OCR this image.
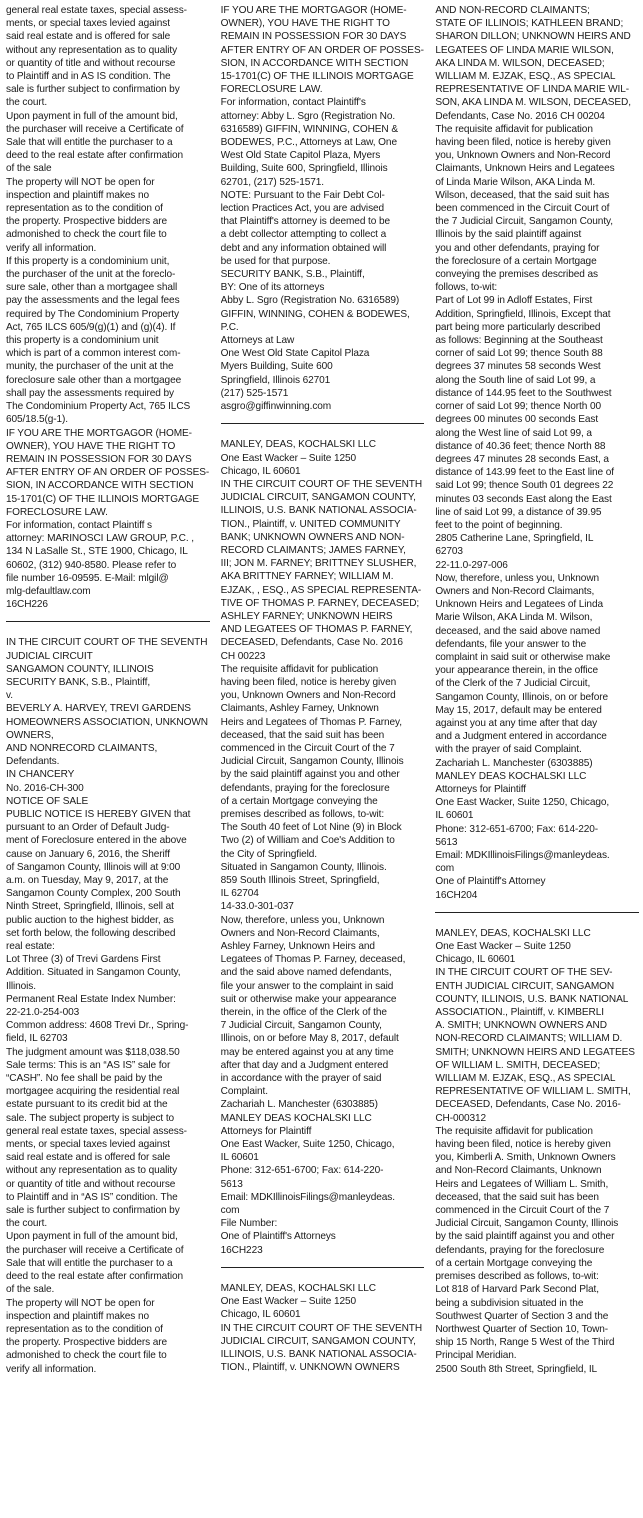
general real estate taxes, special assess-
ments, or special taxes levied against
said real estate and is offered for sale
without any representation as to quality
or quantity of title and without recourse
to Plaintiff and in AS IS condition. The
sale is further subject to confirmation by
the court.
Upon payment in full of the amount bid,
the purchaser will receive a Certificate of
Sale that will entitle the purchaser to a
deed to the real estate after confirmation
of the sale
The property will NOT be open for
inspection and plaintiff makes no
representation as to the condition of
the property. Prospective bidders are
admonished to check the court file to
verify all information.
If this property is a condominium unit,
the purchaser of the unit at the foreclo-
sure sale, other than a mortgagee shall
pay the assessments and the legal fees
required by The Condominium Property
Act, 765 ILCS 605/9(g)(1) and (g)(4). If
this property is a condominium unit
which is part of a common interest com-
munity, the purchaser of the unit at the
foreclosure sale other than a mortgagee
shall pay the assessments required by
The Condominium Property Act, 765 ILCS
605/18.5(g-1).
IF YOU ARE THE MORTGAGOR (HOME-
OWNER), YOU HAVE THE RIGHT TO
REMAIN IN POSSESSION FOR 30 DAYS
AFTER ENTRY OF AN ORDER OF POSSES-
SION, IN ACCORDANCE WITH SECTION
15-1701(C) OF THE ILLINOIS MORTGAGE
FORECLOSURE LAW.
For information, contact Plaintiff s
attorney: MARINOSCI LAW GROUP, P.C. ,
134 N LaSalle St., STE 1900, Chicago, IL
60602, (312) 940-8580. Please refer to
file number 16-09595. E-Mail: mlgil@
mlg-defaultlaw.com
16CH226
IN THE CIRCUIT COURT OF THE SEVENTH
JUDICIAL CIRCUIT
SANGAMON COUNTY, ILLINOIS
SECURITY BANK, S.B., Plaintiff,
v.
BEVERLY A. HARVEY, TREVI GARDENS
HOMEOWNERS ASSOCIATION, UNKNOWN
OWNERS,
AND NONRECORD CLAIMANTS,
Defendants.
IN CHANCERY
No. 2016-CH-300
NOTICE OF SALE
PUBLIC NOTICE IS HEREBY GIVEN that
pursuant to an Order of Default Judg-
ment of Foreclosure entered in the above
cause on January 6, 2016, the Sheriff
of Sangamon County, Illinois will at 9:00
a.m. on Tuesday, May 9, 2017, at the
Sangamon County Complex, 200 South
Ninth Street, Springfield, Illinois, sell at
public auction to the highest bidder, as
set forth below, the following described
real estate:
Lot Three (3) of Trevi Gardens First
Addition. Situated in Sangamon County,
Illinois.
Permanent Real Estate Index Number:
22-21.0-254-003
Common address: 4608 Trevi Dr., Spring-
field, IL 62703
The judgment amount was $118,038.50
Sale terms: This is an “AS IS” sale for
“CASH”. No fee shall be paid by the
mortgagee acquiring the residential real
estate pursuant to its credit bid at the
sale. The subject property is subject to
general real estate taxes, special assess-
ments, or special taxes levied against
said real estate and is offered for sale
without any representation as to quality
or quantity of title and without recourse
to Plaintiff and in “AS IS” condition. The
sale is further subject to confirmation by
the court.
Upon payment in full of the amount bid,
the purchaser will receive a Certificate of
Sale that will entitle the purchaser to a
deed to the real estate after confirmation
of the sale.
The property will NOT be open for
inspection and plaintiff makes no
representation as to the condition of
the property. Prospective bidders are
admonished to check the court file to
verify all information.
IF YOU ARE THE MORTGAGOR (HOME-
OWNER), YOU HAVE THE RIGHT TO
REMAIN IN POSSESSION FOR 30 DAYS
AFTER ENTRY OF AN ORDER OF POSSES-
SION, IN ACCORDANCE WITH SECTION
15-1701(C) OF THE ILLINOIS MORTGAGE
FORECLOSURE LAW.
For information, contact Plaintiff's
attorney: Abby L. Sgro (Registration No.
6316589) GIFFIN, WINNING, COHEN &
BODEWES, P.C., Attorneys at Law, One
West Old State Capitol Plaza, Myers
Building, Suite 600, Springfield, Illinois
62701, (217) 525-1571.
NOTE: Pursuant to the Fair Debt Col-
lection Practices Act, you are advised
that Plaintiff's attorney is deemed to be
a debt collector attempting to collect a
debt and any information obtained will
be used for that purpose.
SECURITY BANK, S.B., Plaintiff,
BY: One of its attorneys
Abby L. Sgro (Registration No. 6316589)
GIFFIN, WINNING, COHEN & BODEWES,
P.C.
Attorneys at Law
One West Old State Capitol Plaza
Myers Building, Suite 600
Springfield, Illinois 62701
(217) 525-1571
asgro@giffinwinning.com
MANLEY, DEAS, KOCHALSKI LLC
One East Wacker – Suite 1250
Chicago, IL 60601
IN THE CIRCUIT COURT OF THE SEVENTH
JUDICIAL CIRCUIT, SANGAMON COUNTY,
ILLINOIS, U.S. BANK NATIONAL ASSOCIA-
TION., Plaintiff, v. UNITED COMMUNITY
BANK; UNKNOWN OWNERS AND NON-
RECORD CLAIMANTS; JAMES FARNEY,
III; JON M. FARNEY; BRITTNEY SLUSHER,
AKA BRITTNEY FARNEY; WILLIAM M.
EJZAK, , ESQ., AS SPECIAL REPRESENTA-
TIVE OF THOMAS P. FARNEY, DECEASED;
ASHLEY FARNEY; UNKNOWN HEIRS
AND LEGATEES OF THOMAS P. FARNEY,
DECEASED, Defendants, Case No. 2016
CH 00223
The requisite affidavit for publication
having been filed, notice is hereby given
you, Unknown Owners and Non-Record
Claimants, Ashley Farney, Unknown
Heirs and Legatees of Thomas P. Farney,
deceased, that the said suit has been
commenced in the Circuit Court of the 7
Judicial Circuit, Sangamon County, Illinois
by the said plaintiff against you and other
defendants, praying for the foreclosure
of a certain Mortgage conveying the
premises described as follows, to-wit:
The South 40 feet of Lot Nine (9) in Block
Two (2) of William and Coe's Addition to
the City of Springfield.
Situated in Sangamon County, Illinois.
859 South Illinois Street, Springfield,
IL 62704
14-33.0-301-037
Now, therefore, unless you, Unknown
Owners and Non-Record Claimants,
Ashley Farney, Unknown Heirs and
Legatees of Thomas P. Farney, deceased,
and the said above named defendants,
file your answer to the complaint in said
suit or otherwise make your appearance
therein, in the office of the Clerk of the
7 Judicial Circuit, Sangamon County,
Illinois, on or before May 8, 2017, default
may be entered against you at any time
after that day and a Judgment entered
in accordance with the prayer of said
Complaint.
Zachariah L. Manchester (6303885)
MANLEY DEAS KOCHALSKI LLC
Attorneys for Plaintiff
One East Wacker, Suite 1250, Chicago,
IL 60601
Phone: 312-651-6700; Fax: 614-220-
5613
Email: MDKIllinoisFilings@manleydeas.
com
File Number:
One of Plaintiff's Attorneys
16CH223
MANLEY, DEAS, KOCHALSKI LLC
One East Wacker – Suite 1250
Chicago, IL 60601
IN THE CIRCUIT COURT OF THE SEVENTH
JUDICIAL CIRCUIT, SANGAMON COUNTY,
ILLINOIS, U.S. BANK NATIONAL ASSOCIA-
TION., Plaintiff, v. UNKNOWN OWNERS
AND NON-RECORD CLAIMANTS;
STATE OF ILLINOIS; KATHLEEN BRAND;
SHARON DILLON; UNKNOWN HEIRS AND
LEGATEES OF LINDA MARIE WILSON,
AKA LINDA M. WILSON, DECEASED;
WILLIAM M. EJZAK, ESQ., AS SPECIAL
REPRESENTATIVE OF LINDA MARIE WIL-
SON, AKA LINDA M. WILSON, DECEASED,
Defendants, Case No. 2016 CH 00204
The requisite affidavit for publication
having been filed, notice is hereby given
you, Unknown Owners and Non-Record
Claimants, Unknown Heirs and Legatees
of Linda Marie Wilson, AKA Linda M.
Wilson, deceased, that the said suit has
been commenced in the Circuit Court of
the 7 Judicial Circuit, Sangamon County,
Illinois by the said plaintiff against
you and other defendants, praying for
the foreclosure of a certain Mortgage
conveying the premises described as
follows, to-wit:
Part of Lot 99 in Adloff Estates, First
Addition, Springfield, Illinois, Except that
part being more particularly described
as follows: Beginning at the Southeast
corner of said Lot 99; thence South 88
degrees 37 minutes 58 seconds West
along the South line of said Lot 99, a
distance of 144.95 feet to the Southwest
corner of said Lot 99; thence North 00
degrees 00 minutes 00 seconds East
along the West line of said Lot 99, a
distance of 40.36 feet; thence North 88
degrees 47 minutes 28 seconds East, a
distance of 143.99 feet to the East line of
said Lot 99; thence South 01 degrees 22
minutes 03 seconds East along the East
line of said Lot 99, a distance of 39.95
feet to the point of beginning.
2805 Catherine Lane, Springfield, IL
62703
22-11.0-297-006
Now, therefore, unless you, Unknown
Owners and Non-Record Claimants,
Unknown Heirs and Legatees of Linda
Marie Wilson, AKA Linda M. Wilson,
deceased, and the said above named
defendants, file your answer to the
complaint in said suit or otherwise make
your appearance therein, in the office
of the Clerk of the 7 Judicial Circuit,
Sangamon County, Illinois, on or before
May 15, 2017, default may be entered
against you at any time after that day
and a Judgment entered in accordance
with the prayer of said Complaint.
Zachariah L. Manchester (6303885)
MANLEY DEAS KOCHALSKI LLC
Attorneys for Plaintiff
One East Wacker, Suite 1250, Chicago,
IL 60601
Phone: 312-651-6700; Fax: 614-220-
5613
Email: MDKIllinoisFilings@manleydeas.
com
One of Plaintiff's Attorney
16CH204
MANLEY, DEAS, KOCHALSKI LLC
One East Wacker – Suite 1250
Chicago, IL 60601
IN THE CIRCUIT COURT OF THE SEV-
ENTH JUDICIAL CIRCUIT, SANGAMON
COUNTY, ILLINOIS, U.S. BANK NATIONAL
ASSOCIATION., Plaintiff, v. KIMBERLI
A. SMITH; UNKNOWN OWNERS AND
NON-RECORD CLAIMANTS; WILLIAM D.
SMITH; UNKNOWN HEIRS AND LEGATEES
OF WILLIAM L. SMITH, DECEASED;
WILLIAM M. EJZAK, ESQ., AS SPECIAL
REPRESENTATIVE OF WILLIAM L. SMITH,
DECEASED, Defendants, Case No. 2016-
CH-000312
The requisite affidavit for publication
having been filed, notice is hereby given
you, Kimberli A. Smith, Unknown Owners
and Non-Record Claimants, Unknown
Heirs and Legatees of William L. Smith,
deceased, that the said suit has been
commenced in the Circuit Court of the 7
Judicial Circuit, Sangamon County, Illinois
by the said plaintiff against you and other
defendants, praying for the foreclosure
of a certain Mortgage conveying the
premises described as follows, to-wit:
Lot 818 of Harvard Park Second Plat,
being a subdivision situated in the
Southwest Quarter of Section 3 and the
Northwest Quarter of Section 10, Town-
ship 15 North, Range 5 West of the Third
Principal Meridian.
2500 South 8th Street, Springfield, IL
